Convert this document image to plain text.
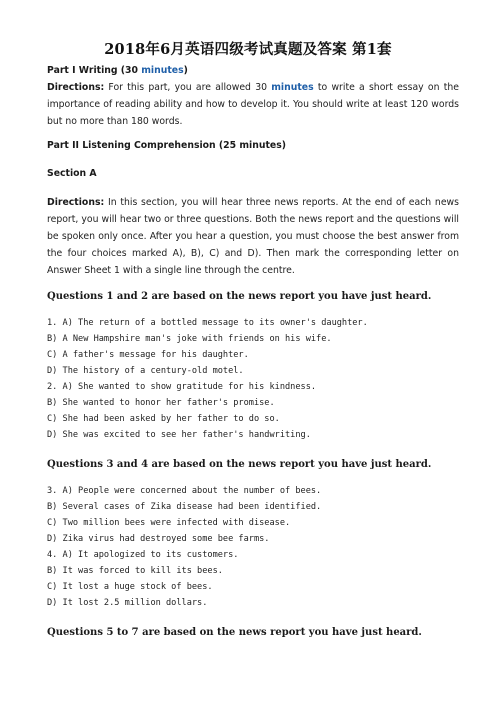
2018年6月英语四级考试真题及答案 第1套
Part I Writing (30 minutes)
Directions: For this part, you are allowed 30 minutes to write a short essay on the importance of reading ability and how to develop it. You should write at least 120 words but no more than 180 words.
Part II Listening Comprehension (25 minutes)
Section A
Directions: In this section, you will hear three news reports. At the end of each news report, you will hear two or three questions. Both the news report and the questions will be spoken only once. After you hear a question, you must choose the best answer from the four choices marked A), B), C) and D). Then mark the corresponding letter on Answer Sheet 1 with a single line through the centre.
Questions 1 and 2 are based on the news report you have just heard.
1. A) The return of a bottled message to its owner's daughter.
B) A New Hampshire man's joke with friends on his wife.
C) A father's message for his daughter.
D) The history of a century-old motel.
2. A) She wanted to show gratitude for his kindness.
B) She wanted to honor her father's promise.
C) She had been asked by her father to do so.
D) She was excited to see her father's handwriting.
Questions 3 and 4 are based on the news report you have just heard.
3. A) People were concerned about the number of bees.
B) Several cases of Zika disease had been identified.
C) Two million bees were infected with disease.
D) Zika virus had destroyed some bee farms.
4. A) It apologized to its customers.
B) It was forced to kill its bees.
C) It lost a huge stock of bees.
D) It lost 2.5 million dollars.
Questions 5 to 7 are based on the news report you have just heard.
